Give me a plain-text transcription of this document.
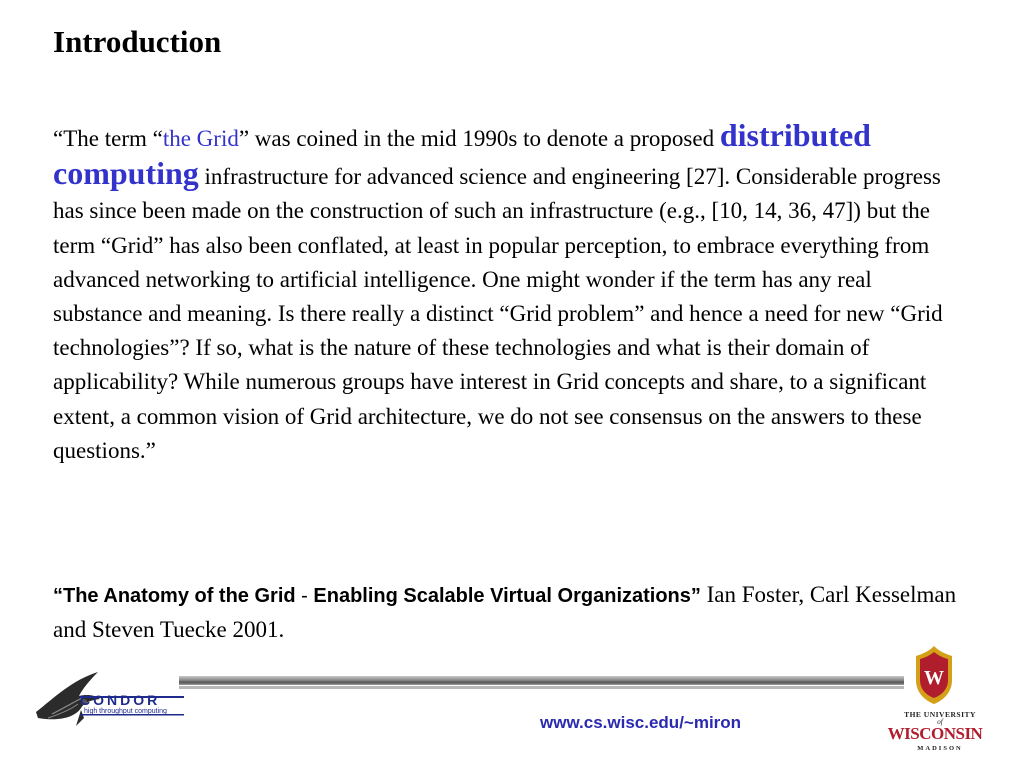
Introduction

“The term “the Grid” was coined in the mid 1990s to denote a proposed distributed computing infrastructure for advanced science and engineering [27]. Considerable progress has since been made on the construction of such an infrastructure (e.g., [10, 14, 36, 47]) but the term “Grid” has also been conflated, at least in popular perception, to embrace everything from advanced networking to artificial intelligence. One might wonder if the term has any real substance and meaning. Is there really a distinct “Grid problem” and hence a need for new “Grid technologies”? If so, what is the nature of these technologies and what is their domain of applicability? While numerous groups have interest in Grid concepts and share, to a significant extent, a common vision of Grid architecture, we do not see consensus on the answers to these questions.”

“The Anatomy of the Grid - Enabling Scalable Virtual Organizations” Ian Foster, Carl Kesselman and Steven Tuecke 2001.

CONDOR
high throughput computing
www.cs.wisc.edu/~miron
W
THE UNIVERSITY
of
WISCONSIN
MADISON
